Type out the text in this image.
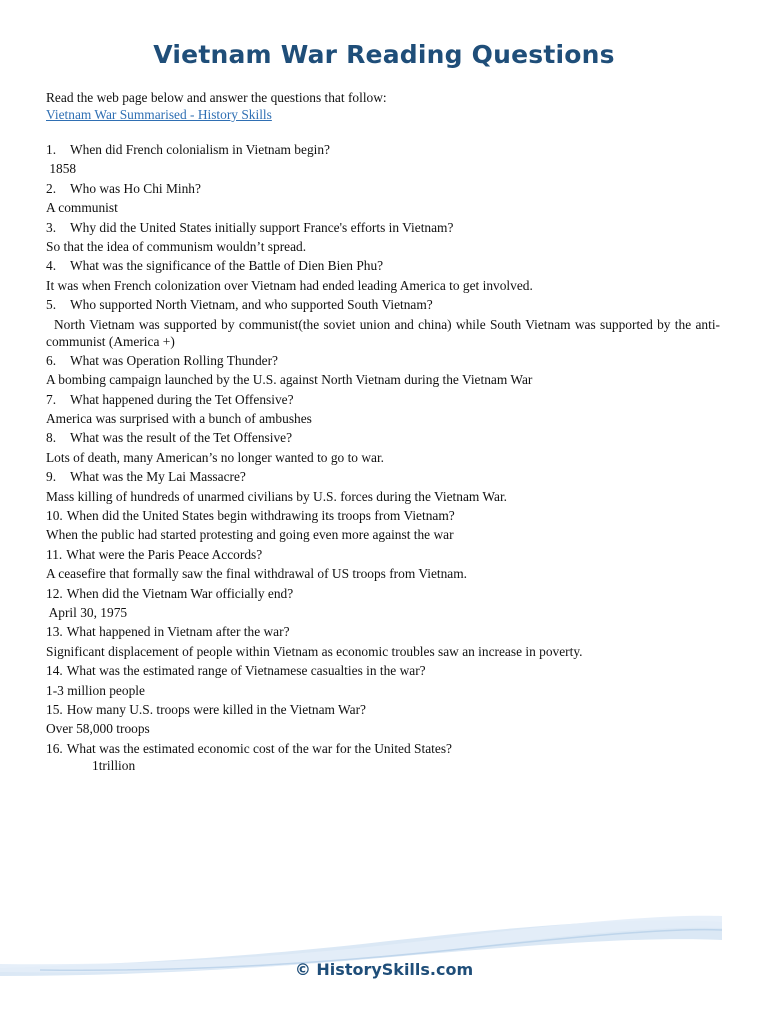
Vietnam War Reading Questions
Read the web page below and answer the questions that follow:
Vietnam War Summarised - History Skills
1. When did French colonialism in Vietnam begin?
1858
2. Who was Ho Chi Minh?
A communist
3. Why did the United States initially support France's efforts in Vietnam?
So that the idea of communism wouldn’t spread.
4. What was the significance of the Battle of Dien Bien Phu?
It was when French colonization over Vietnam had ended leading America to get involved.
5. Who supported North Vietnam, and who supported South Vietnam?
North Vietnam was supported by communist(the soviet union and china) while South Vietnam was supported by the anti-communist (America +)
6. What was Operation Rolling Thunder?
A bombing campaign launched by the U.S. against North Vietnam during the Vietnam War
7. What happened during the Tet Offensive?
America was surprised with a bunch of ambushes
8. What was the result of the Tet Offensive?
Lots of death, many American’s no longer wanted to go to war.
9. What was the My Lai Massacre?
Mass killing of hundreds of unarmed civilians by U.S. forces during the Vietnam War.
10. When did the United States begin withdrawing its troops from Vietnam?
When the public had started protesting and going even more against the war
11. What were the Paris Peace Accords?
A ceasefire that formally saw the final withdrawal of US troops from Vietnam.
12. When did the Vietnam War officially end?
April 30, 1975
13. What happened in Vietnam after the war?
Significant displacement of people within Vietnam as economic troubles saw an increase in poverty.
14. What was the estimated range of Vietnamese casualties in the war?
1-3 million people
15. How many U.S. troops were killed in the Vietnam War?
Over 58,000 troops
16. What was the estimated economic cost of the war for the United States?
1trillion
© HistorySkills.com
